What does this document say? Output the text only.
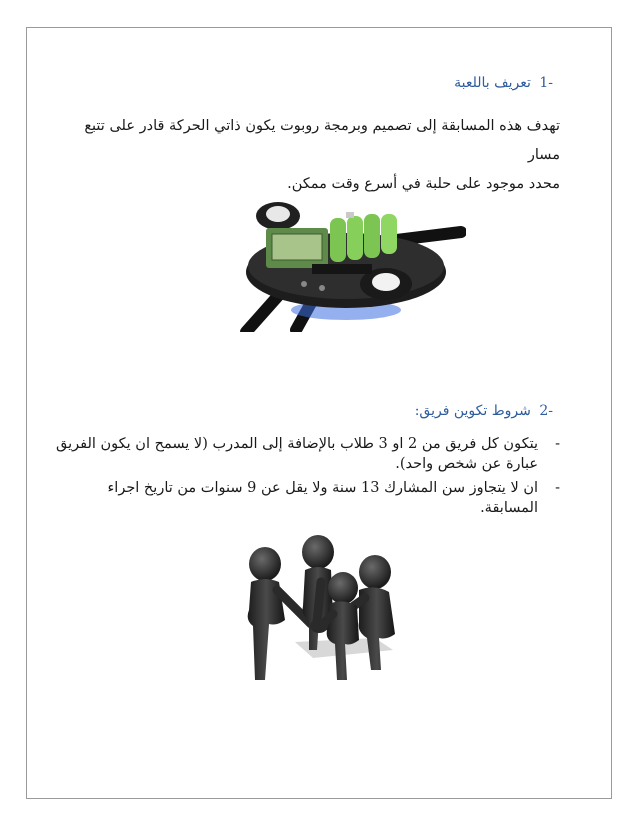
-1 تعريف باللعبة
تهدف هذه المسابقة إلى تصميم وبرمجة روبوت يكون ذاتي الحركة قادر على تتبع مسار
محدد موجود على حلبة في أسرع وقت ممكن.
-2 شروط تكوين فريق:
-
يتكون كل فريق من 2 او 3 طلاب بالإضافة إلى المدرب (لا يسمح ان يكون الفريق
عبارة عن شخص واحد).
-
ان لا يتجاوز سن المشارك 13 سنة ولا يقل عن 9 سنوات من تاريخ اجراء المسابقة.
